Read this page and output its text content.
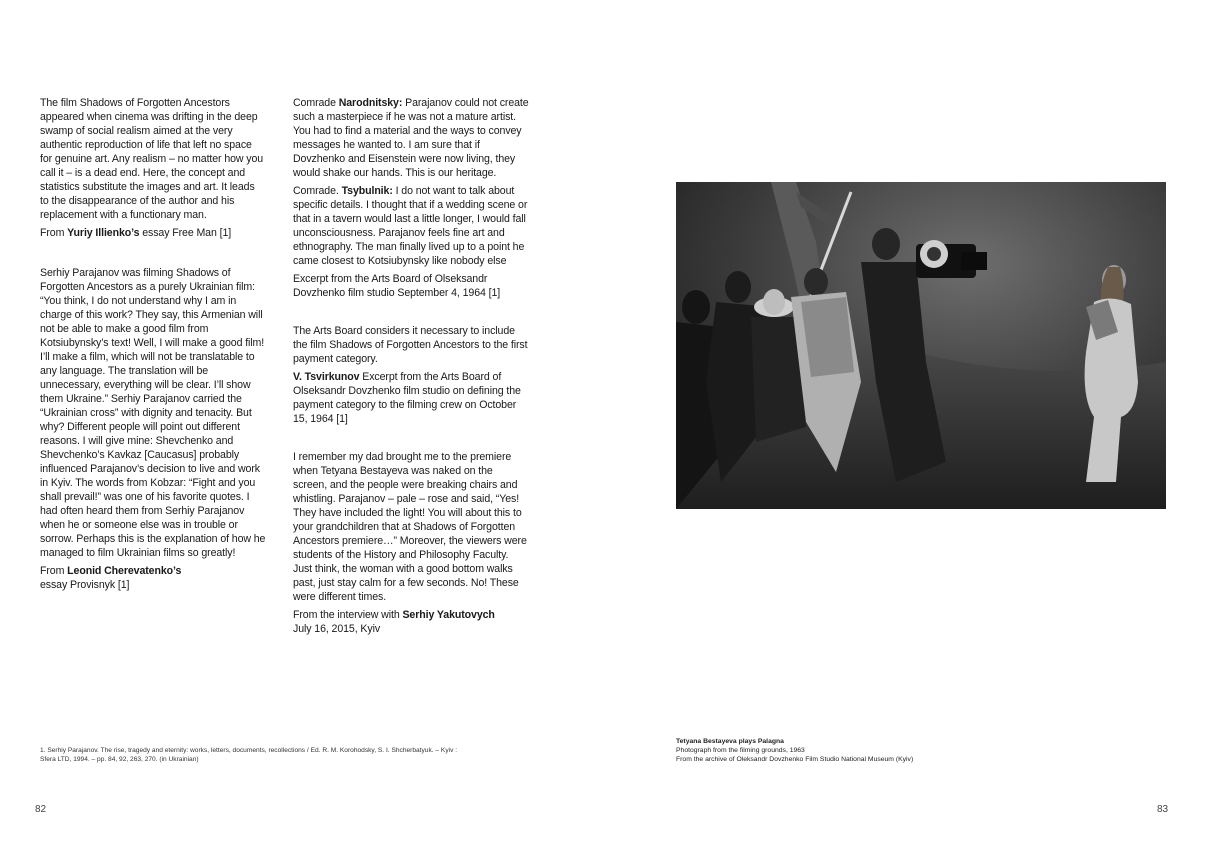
The film Shadows of Forgotten Ancestors appeared when cinema was drifting in the deep swamp of social realism aimed at the very authentic reproduction of life that left no space for genuine art. Any realism – no matter how you call it – is a dead end. Here, the concept and statistics substitute the images and art. It leads to the disappearance of the author and his replacement with a functionary man.

From Yuriy Illienko’s essay Free Man [1]

Serhiy Parajanov was filming Shadows of Forgotten Ancestors as a purely Ukrainian film: “You think, I do not understand why I am in charge of this work? They say, this Armenian will not be able to make a good film from Kotsiubynsky’s text! Well, I will make a good film! I’ll make a film, which will not be translatable to any language. The translation will be unnecessary, everything will be clear. I’ll show them Ukraine.” Serhiy Parajanov carried the “Ukrainian cross” with dignity and tenacity. But why? Different people will point out different reasons. I will give mine: Shevchenko and Shevchenko’s Kavkaz [Caucasus] probably influenced Parajanov’s decision to live and work in Kyiv. The words from Kobzar: “Fight and you shall prevail!” was one of his favorite quotes. I had often heard them from Serhiy Parajanov when he or someone else was in trouble or sorrow. Perhaps this is the explanation of how he managed to film Ukrainian films so greatly!

From Leonid Cherevatenko’s
essay Provisnyk [1]

Comrade Narodnitsky: Parajanov could not create such a masterpiece if he was not a mature artist. You had to find a material and the ways to convey messages he wanted to. I am sure that if Dovzhenko and Eisenstein were now living, they would shake our hands. This is our heritage.

Comrade. Tsybulnik: I do not want to talk about specific details. I thought that if a wedding scene or that in a tavern would last a little longer, I would fall unconsciousness. Parajanov feels fine art and ethnography. The man finally lived up to a point he came closest to Kotsiubynsky like nobody else

Excerpt from the Arts Board of Olseksandr Dovzhenko film studio September 4, 1964 [1]

The Arts Board considers it necessary to include the film Shadows of Forgotten Ancestors to the first payment category.

V. Tsvirkunov Excerpt from the Arts Board of Olseksandr Dovzhenko film studio on defining the payment category to the filming crew on October 15, 1964 [1]

I remember my dad brought me to the premiere when Tetyana Bestayeva was naked on the screen, and the people were breaking chairs and whistling. Parajanov – pale – rose and said, “Yes! They have included the light! You will about this to your grandchildren that at Shadows of Forgotten Ancestors premiere…” Moreover, the viewers were students of the History and Philosophy Faculty. Just think, the woman with a good bottom walks past, just stay calm for a few seconds. No! These were different times.

From the interview with Serhiy Yakutovych
July 16, 2015, Kyiv

1. Serhiy Parajanov. The rise, tragedy and eternity: works, letters, documents, recollections / Ed. R. M. Korohodsky, S. I. Shcherbatyuk. – Kyiv : Sfera LTD, 1994. – pp. 84, 92, 263, 270. (in Ukrainian)
82
Tetyana Bestayeva plays Palagna
Photograph from the filming grounds, 1963
From the archive of Oleksandr Dovzhenko Film Studio National Museum (Kyiv)
83
